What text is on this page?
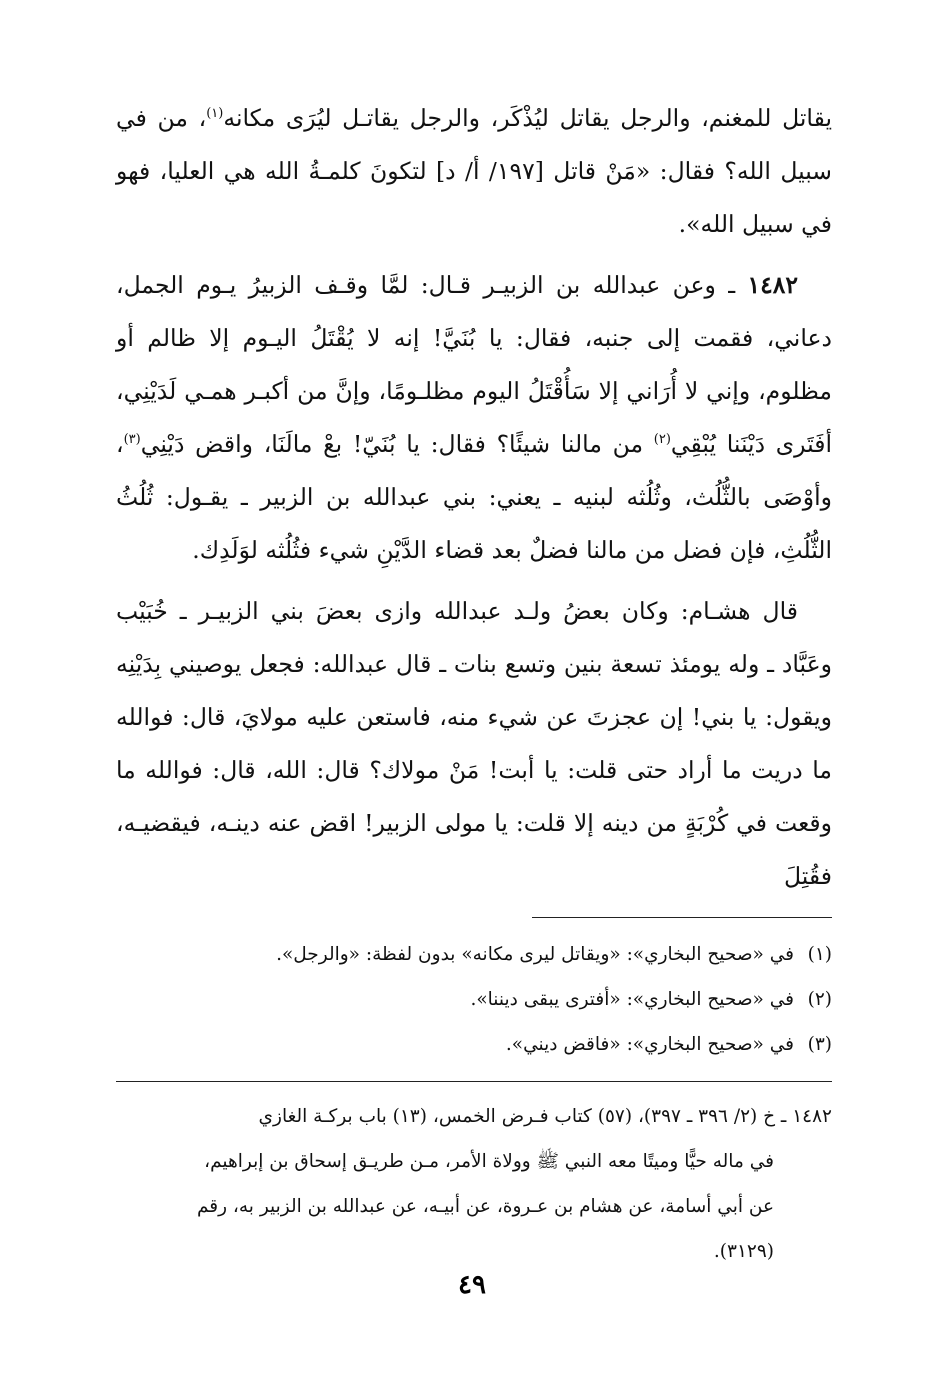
يقاتل للمغنم، والرجل يقاتل ليُذْكَر، والرجل يقاتـل ليُرَى مكانه$^{(١)}$، من في سبيل الله؟ فقال: «مَنْ قاتل [١٩٧/ أ/ د] لتكونَ كلمـةُ الله هي العليا، فهو في سبيل الله».

١٤٨٢ ـ وعن عبدالله بن الزبيـر قـال: لمَّا وقـف الزبيرُ يـوم الجمل، دعاني، فقمت إلى جنبه، فقال: يا بُنَيَّ! إنه لا يُقْتَلُ اليـوم إلا ظالم أو مظلوم، وإني لا أُرَاني إلا سَأُقْتَلُ اليوم مظلـومًا، وإنَّ من أكبـر همـي لَدَيْنِي، أفَتَرى دَيْنَنا يُبْقِي$^{(٢)}$ من مالنا شيئًا؟ فقال: يا بُنَيّ! بعْ مالَنَا، واقض دَيْنِي$^{(٣)}$، وأوْصَى بالثُّلُث، وثُلُثه لبنيه ـ يعني: بني عبدالله بن الزبير ـ يقـول: ثُلُثُ الثُّلُثِ، فإن فضل من مالنا فضلٌ بعد قضاء الدَّيْنِ شيء فثُلُثه لوَلَدِك.

قال هشـام: وكان بعضُ ولـد عبدالله وازى بعضَ بني الزبيـر ـ خُبَيْب وعَبَّاد ـ وله يومئذ تسعة بنين وتسع بنات ـ قال عبدالله: فجعل يوصيني بِدَيْنِه ويقول: يا بني! إن عجزتَ عن شيء منه، فاستعن عليه مولايَ، قال: فوالله ما دريت ما أراد حتى قلت: يا أبت! مَنْ مولاك؟ قال: الله، قال: فوالله ما وقعت في كُرْبَةٍ من دينه إلا قلت: يا مولى الزبير! اقض عنه دينـه، فيقضيـه، فقُتِلَ

(١)في «صحيح البخاري»: «ويقاتل ليرى مكانه» بدون لفظة: «والرجل».

(٢)في «صحيح البخاري»: «أفترى يبقى ديننا».

(٣)في «صحيح البخاري»: «فاقض ديني».

١٤٨٢ ـ خ (٢/ ٣٩٦ ـ ٣٩٧)، (٥٧) كتاب فـرض الخمس، (١٣) باب بركـة الغازي

في ماله حيًّا وميتًا معه النبي ﷺ وولاة الأمر، مـن طريـق إسحاق بن إبراهيم،

عن أبي أسامة، عن هشام بن عـروة، عن أبيـه، عن عبدالله بن الزبير به، رقم

(٣١٢٩).

٤٩
